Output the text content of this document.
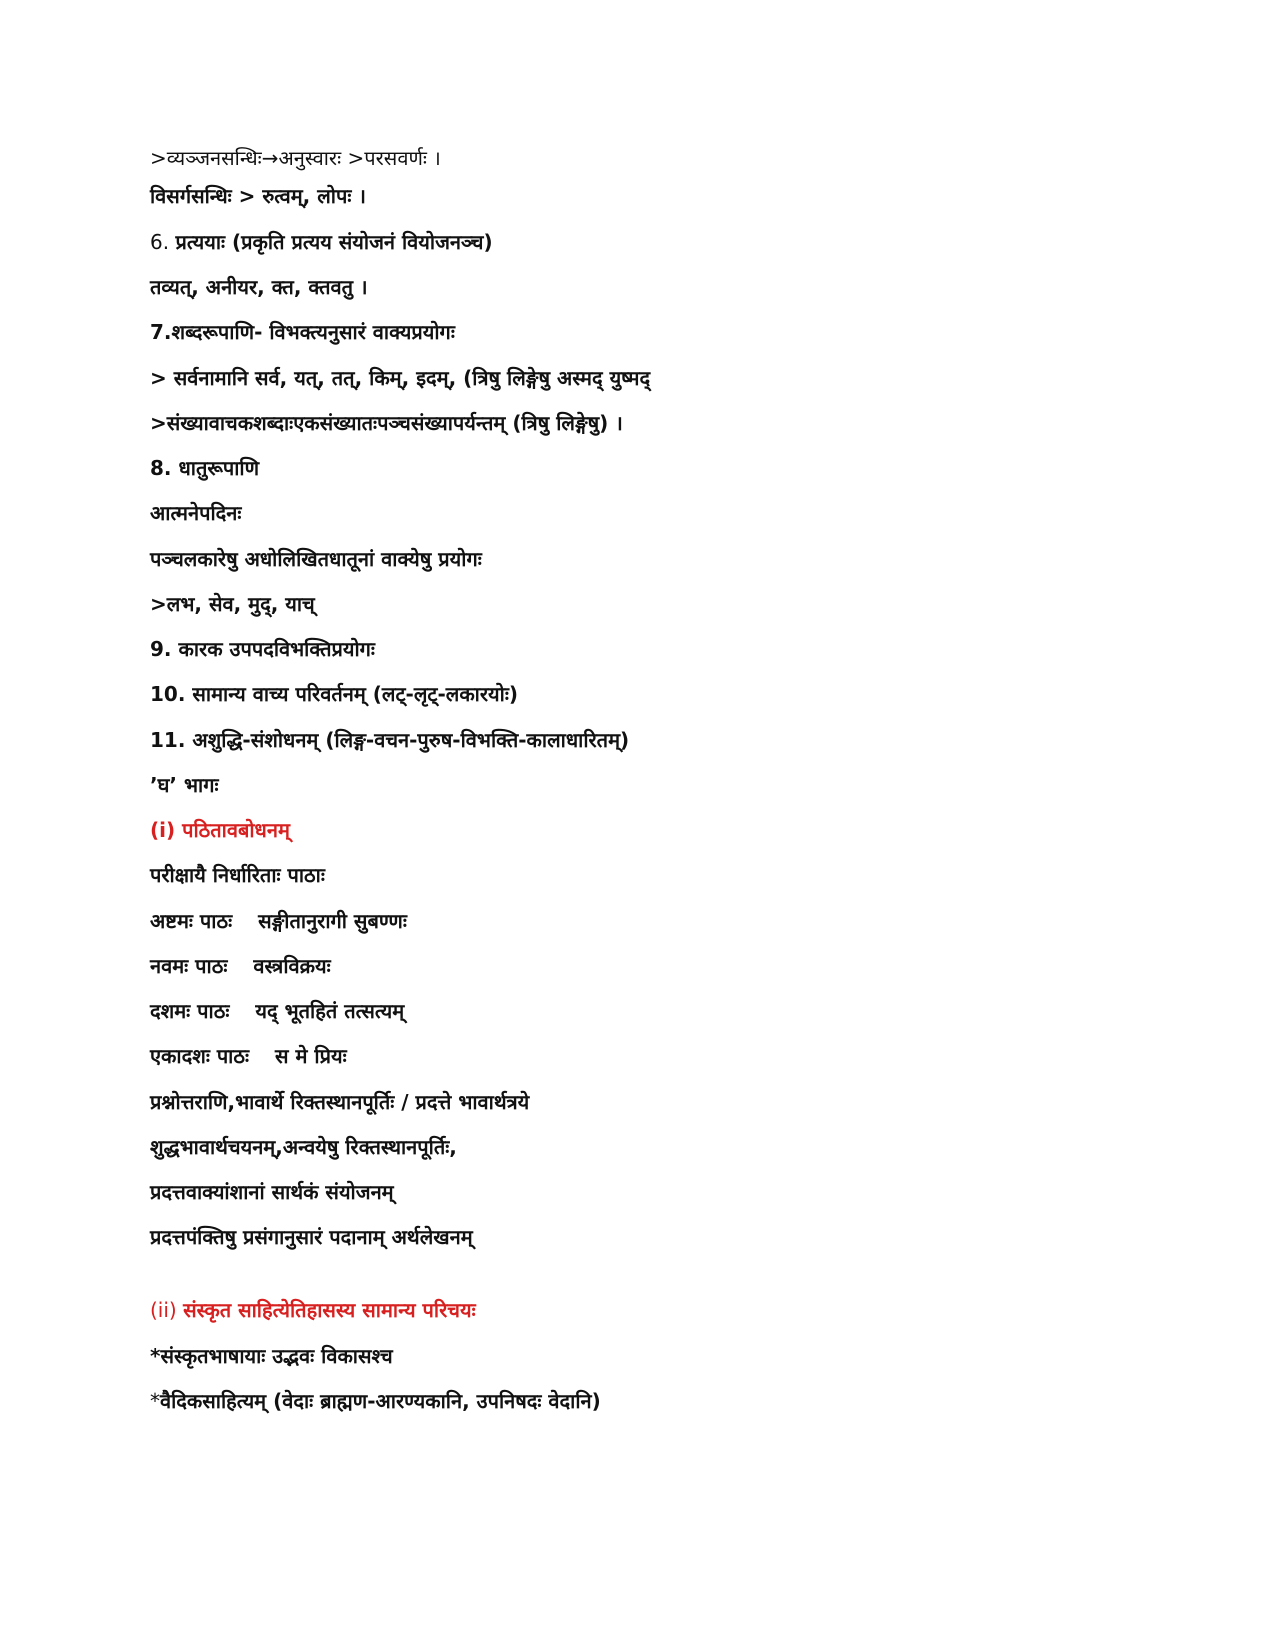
>व्यञ्जनसन्धिः→अनुस्वारः >परसवर्णः ।
विसर्गसन्धिः > रुत्वम्, लोपः ।
6. प्रत्ययाः (प्रकृति प्रत्यय संयोजनं वियोजनञ्च)
तव्यत्, अनीयर, क्त, क्तवतु ।
7.शब्दरूपाणि- विभक्त्यनुसारं वाक्यप्रयोगः
> सर्वनामानि सर्व, यत्, तत्, किम्, इदम्, (त्रिषु लिङ्गेषु अस्मद् युष्मद्
>संख्यावाचकशब्दाःएकसंख्यातःपञ्चसंख्यापर्यन्तम् (त्रिषु लिङ्गेषु) ।
8. धातुरूपाणि
आत्मनेपदिनः
पञ्चलकारेषु अधोलिखितधातूनां वाक्येषु प्रयोगः
>लभ, सेव, मुद्, याच्
9. कारक उपपदविभक्तिप्रयोगः
10. सामान्य वाच्य परिवर्तनम् (लट्-लृट्-लकारयोः)
11. अशुद्धि-संशोधनम् (लिङ्ग-वचन-पुरुष-विभक्ति-कालाधारितम्)
’घ’ भागः
(i) पठितावबोधनम्
परीक्षायै निर्धारिताः पाठाः
अष्टमः पाठः सङ्गीतानुरागी सुबण्णः
नवमः पाठः वस्त्रविक्रयः
दशमः पाठः यद् भूतहितं तत्सत्यम्
एकादशः पाठः स मे प्रियः
प्रश्नोत्तराणि,भावार्थे रिक्तस्थानपूर्तिः / प्रदत्ते भावार्थत्रये
शुद्धभावार्थचयनम्,अन्वयेषु रिक्तस्थानपूर्तिः,
प्रदत्तवाक्यांशानां सार्थकं संयोजनम्
प्रदत्तपंक्तिषु प्रसंगानुसारं पदानाम् अर्थलेखनम्
(ii) संस्कृत साहित्येतिहासस्य सामान्य परिचयः
*संस्कृतभाषायाः उद्भवः विकासश्च
*वैदिकसाहित्यम् (वेदाः ब्राह्मण-आरण्यकानि, उपनिषदः वेदानि)
